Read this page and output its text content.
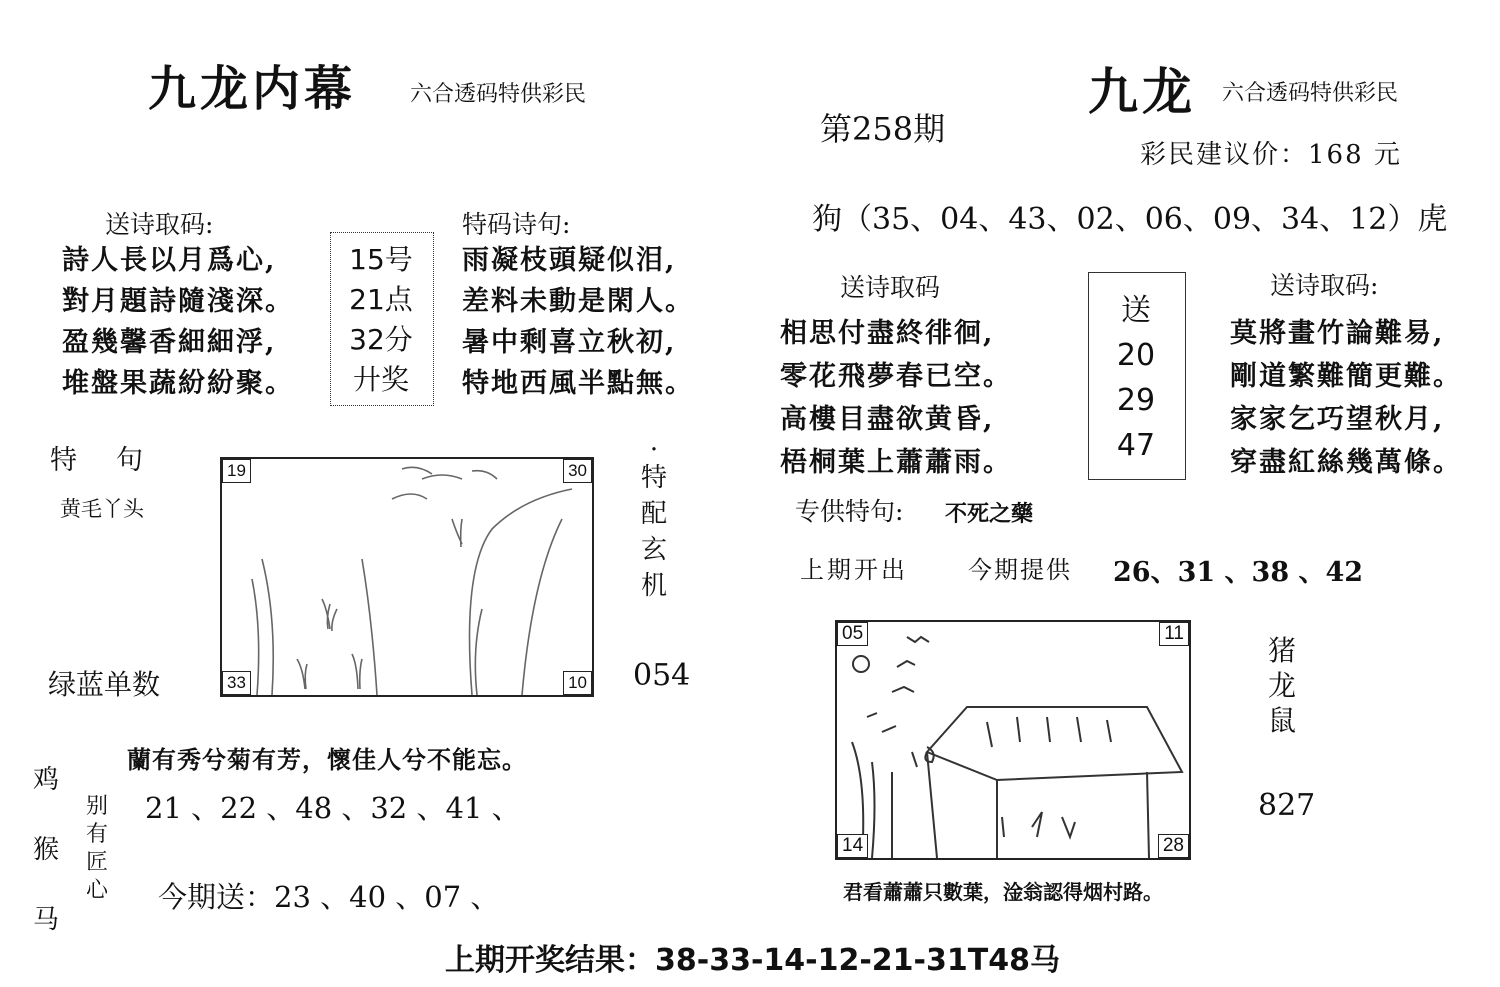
九龙内幕 六合透码特供彩民
送诗取码:
詩人長以月爲心,
對月題詩隨淺深。
盈幾馨香細細浮,
堆盤果蔬紛紛聚。
15号
21点
32分
廾奖
特码诗句:
雨凝枝頭疑似泪,
差料未動是閑人。
暑中剩喜立秋初,
特地西風半點無。
特　句
黄毛丫头
19	30
33	10
·
特
配
玄
机
054
绿蓝单数
蘭有秀兮菊有芳，懷佳人兮不能忘。
鸡
猴
马
别
有
匠
心
21 、22 、48 、32 、41 、
今期送：23 、40 、07 、
第258期
九龙 六合透码特供彩民
彩民建议价：168 元
狗（35、04、43、02、06、09、34、12）虎
送诗取码
相思付盡終徘徊,
零花飛夢春已空。
高樓目盡欲黄昏,
梧桐葉上蕭蕭雨。
送
20
29
47
送诗取码:
莫將畫竹論難易,
剛道繁難簡更難。
家家乞巧望秋月,
穿盡紅絲幾萬條。
专供特句: 不死之藥
上期开出	今期提供 26、31 、38 、42
05	11
14	28
猪
龙
鼠
827
君看蕭蕭只數葉，淦翁認得烟村路。
上期开奖结果：38-33-14-12-21-31T48马
